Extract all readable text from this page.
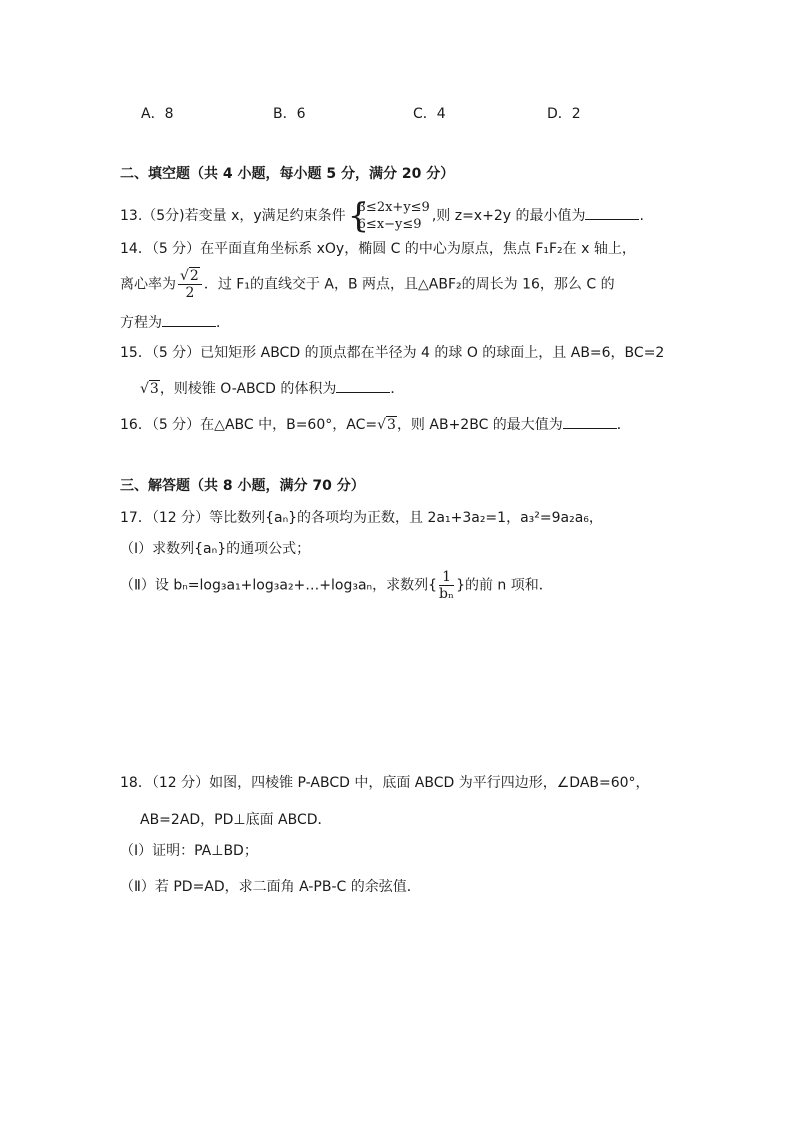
A．8	B．6	C．4	D．2
二、填空题（共 4 小题，每小题 5 分，满分 20 分）
13.（5分)若变量 x，y满足约束条件 {
3≤2x+y≤9
6≤x−y≤9
,则 z=x+2y 的最小值为	.
14．（5 分）在平面直角坐标系 xOy，椭圆 C 的中心为原点，焦点 F₁F₂在 x 轴上，
离心率为 $\frac{√2}{2}$ ．过 F₁的直线交于 A，B 两点，且△ABF₂的周长为 16，那么 C 的
方程为	．
15．（5 分）已知矩形 ABCD 的顶点都在半径为 4 的球 O 的球面上，且 AB=6，BC=2
√3，则棱锥 O-ABCD 的体积为	．
16．（5 分）在△ABC 中，B=60°，AC=√3，则 AB+2BC 的最大值为	．
三、解答题（共 8 小题，满分 70 分）
17．（12 分）等比数列{aₙ}的各项均为正数，且 2a₁+3a₂=1，a₃²=9a₂a₆，
（Ⅰ）求数列{aₙ}的通项公式；
（Ⅱ）设 bₙ=log₃a₁+log₃a₂+…+log₃aₙ，求数列{ $\frac{1}{\text{bₙ}}$ }的前 n 项和．
18．（12 分）如图，四棱锥 P-ABCD 中，底面 ABCD 为平行四边形，∠DAB=60°，
AB=2AD，PD⊥底面 ABCD．
（Ⅰ）证明：PA⊥BD；
（Ⅱ）若 PD=AD，求二面角 A-PB-C 的余弦值．
